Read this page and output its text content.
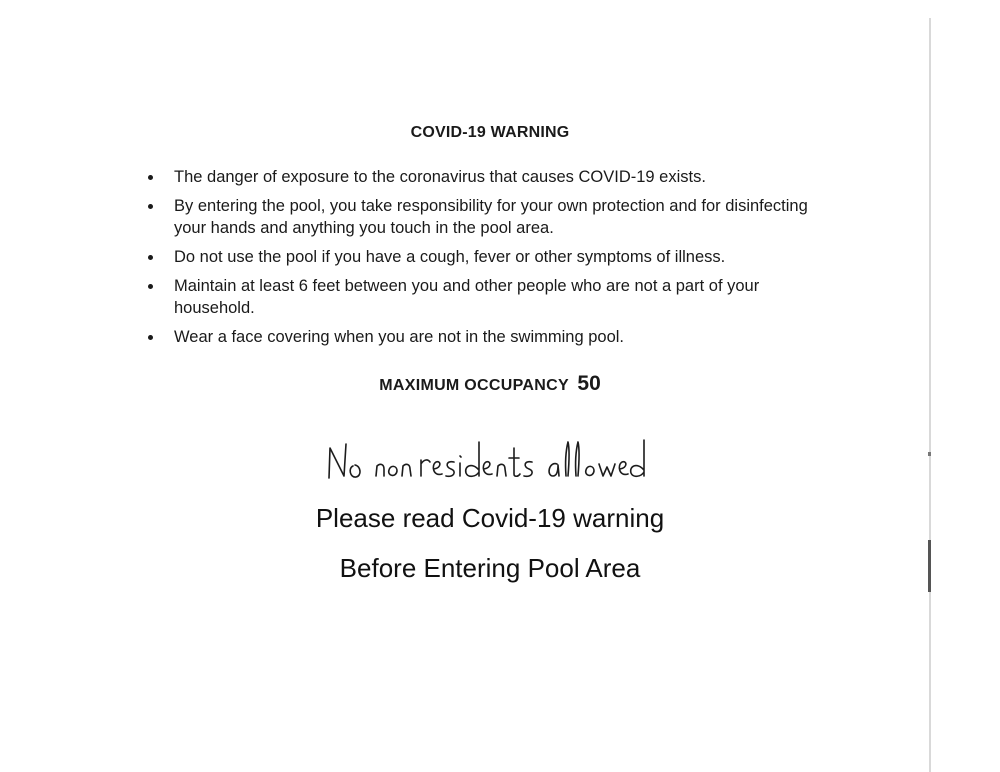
COVID-19 WARNING
The danger of exposure to the coronavirus that causes COVID-19 exists.
By entering the pool, you take responsibility for your own protection and for disinfecting your hands and anything you touch in the pool area.
Do not use the pool if you have a cough, fever or other symptoms of illness.
Maintain at least 6 feet between you and other people who are not a part of your household.
Wear a face covering when you are not in the swimming pool.
MAXIMUM OCCUPANCY 50
Please read Covid-19 warning
Before Entering Pool Area
